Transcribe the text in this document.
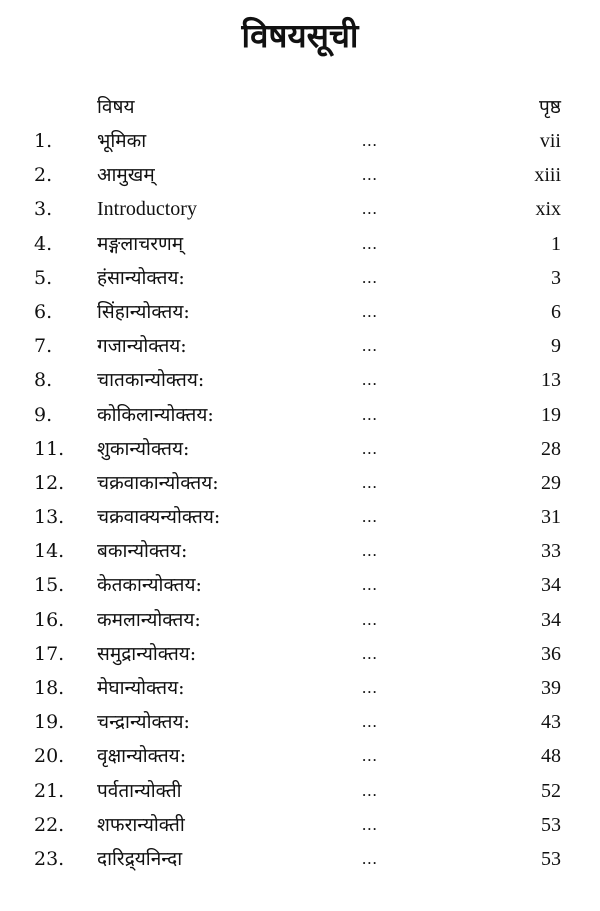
विषयसूची
विषय	पृष्ठ
1. भूमिका	...	vii
2. आमुखम्	...	xiii
3. Introductory	...	xix
4. मङ्गलाचरणम्	...	1
5. हंसान्योक्तय:	...	3
6. सिंहान्योक्तय:	...	6
7. गजान्योक्तय:	...	9
8. चातकान्योक्तय:	...	13
9. कोकिलान्योक्तय:	...	19
11. शुकान्योक्तय:	...	28
12. चक्रवाकान्योक्तय:	...	29
13. चक्रवाक्यन्योक्तय:	...	31
14. बकान्योक्तय:	...	33
15. केतकान्योक्तय:	...	34
16. कमलान्योक्तय:	...	34
17. समुद्रान्योक्तय:	...	36
18. मेघान्योक्तय:	...	39
19. चन्द्रान्योक्तय:	...	43
20. वृक्षान्योक्तय:	...	48
21. पर्वतान्योक्ती	...	52
22. शफरान्योक्ती	...	53
23. दारिद्र्यनिन्दा	...	53
